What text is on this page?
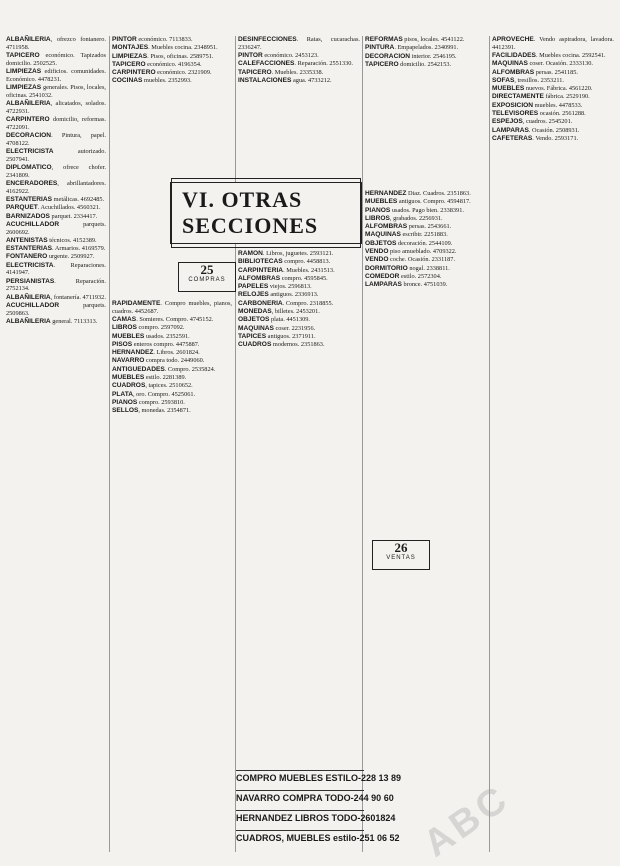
ALBAÑILERIA, ofrezco fontanero. 4711958.

TAPICERO económico. Tapizados domicilio. 2502525.

LIMPIEZAS edificios. comunidades. Económico. 4478231.

LIMPIEZAS generales. Pisos, locales, oficinas. 2541032.

ALBAÑILERIA, alicatados, solados. 4722931.

CARPINTERO domicilio, reformas. 4722091.

DECORACION. Pintura, papel. 4708122.

ELECTRICISTA autorizado. 2507941.

DIPLOMATICO, ofrece chofer. 2341809.

ENCERADORES, abrillantadores. 4162922.

ESTANTERIAS metálicas. 4692485.

PARQUET. Acuchillados. 4560321.

BARNIZADOS parquet. 2334417.

ACUCHILLADOR parquets. 2600692.

ANTENISTAS técnicos. 4152389.

ESTANTERIAS. Armarios. 4169579.

FONTANERO urgente. 2509927.

ELECTRICISTA. Reparaciones. 4141947.

PERSIANISTAS. Reparación. 2752134.

ALBAÑILERIA, fontanería. 4711932.

ACUCHILLADOR parquets. 2509863.

ALBAÑILERIA general. 7113313.

PINTOR económico. 7113833.

MONTAJES. Muebles cocina. 2348951.

LIMPIEZAS. Pisos, oficinas. 2589751.

TAPICERO económico. 4196354.

CARPINTERO económico. 2321909.

COCINAS muebles. 2352993.

DESINFECCIONES. Ratas, cucarachas. 2336247.

PINTOR económico. 2453123.

CALEFACCIONES. Reparación. 2551330.

TAPICERO. Muebles. 2335338.

INSTALACIONES agua. 4733212.

REFORMAS pisos, locales. 4541122.

PINTURA. Empapelados. 2340991.

DECORACION interior. 2546195.

TAPICERO domicilio. 2542153.

VI. OTRAS SECCIONES

RAPIDAMENTE. Compro muebles, pianos, cuadros. 4452687.

CAMAS. Somieres. Compro. 4745152.

LIBROS compro. 2597092.

MUEBLES usados. 2352591.

PISOS enteros compro. 4475887.

HERNANDEZ. Libros. 2601824.

NAVARRO compra todo. 2449060.

ANTIGUEDADES. Compro. 2535824.

MUEBLES estilo. 2281389.

CUADROS, tapices. 2510652.

PLATA, oro. Compro. 4525061.

PIANOS compro. 2593810.

SELLOS, monedas. 2354871.

RAMON. Libros, juguetes. 2593121.

BIBLIOTECAS compro. 4458813.

CARPINTERIA. Muebles. 2431513.

ALFOMBRAS compro. 4595845.

PAPELES viejos. 2596813.

RELOJES antiguos. 2336913.

CARBONERIA. Compro. 2318855.

MONEDAS, billetes. 2453201.

OBJETOS plata. 4451309.

MAQUINAS coser. 2231956.

TAPICES antiguos. 2371911.

CUADROS modernos. 2351863.

HERNANDEZ Diaz. Cuadros. 2351863.

MUEBLES antiguos. Compro. 4594817.

PIANOS usados. Pago bien. 2338391.

LIBROS, grabados. 2256931.

ALFOMBRAS persas. 2543661.

MAQUINAS escribir. 2251883.

OBJETOS decoración. 2544109.

VENDO piso amueblado. 4709322.

VENDO coche. Ocasión. 2331187.

DORMITORIO nogal. 2338811.

COMEDOR estilo. 2572304.

LAMPARAS bronce. 4751039.

APROVECHE. Vendo aspiradora, lavadora. 4412391.

FACILIDADES. Muebles cocina. 2592541.

MAQUINAS coser. Ocasión. 2333130.

ALFOMBRAS persas. 2541185.

SOFAS, tresillos. 2353211.

MUEBLES nuevos. Fábrica. 4561220.

DIRECTAMENTE fábrica. 2529190.

EXPOSICION muebles. 4478533.

TELEVISORES ocasión. 2561288.

ESPEJOS, cuadros. 2545201.

LAMPARAS. Ocasión. 2508931.

CAFETERAS. Vendo. 2593171.

25
COMPRAS
26
VENTAS
COMPRO MUEBLES ESTILO-228 13 89
NAVARRO COMPRA TODO-244 90 60
HERNANDEZ LIBROS TODO-2601824
CUADROS, MUEBLES estilo-251 06 52 ABC
